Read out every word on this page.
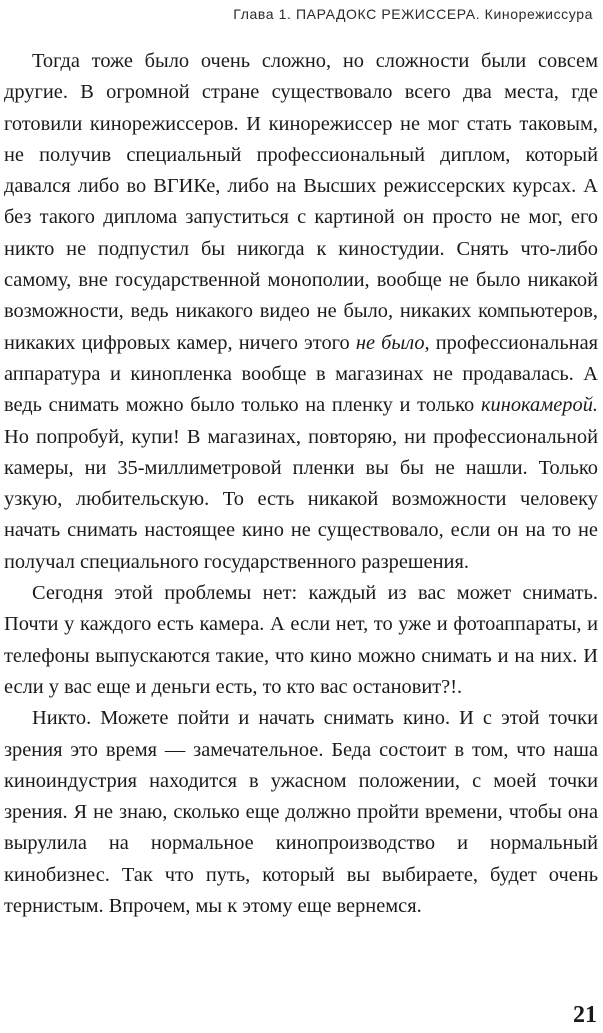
Глава 1. ПАРАДОКС РЕЖИССЕРА. Кинорежиссура

Тогда тоже было очень сложно, но сложности были совсем другие. В огромной стране существовало всего два места, где готовили кинорежиссеров. И кинорежиссер не мог стать таковым, не получив специальный профессиональный диплом, который давался либо во ВГИКе, либо на Высших режиссерских курсах. А без такого диплома запуститься с картиной он просто не мог, его никто не подпустил бы никогда к киностудии. Снять что-либо самому, вне государственной монополии, вообще не было никакой возможности, ведь никакого видео не было, никаких компьютеров, никаких цифровых камер, ничего этого не было, профессиональная аппаратура и кинопленка вообще в магазинах не продавалась. А ведь снимать можно было только на пленку и только кинокамерой. Но попробуй, купи! В магазинах, повторяю, ни профессиональной камеры, ни 35-миллиметровой пленки вы бы не нашли. Только узкую, любительскую. То есть никакой возможности человеку начать снимать настоящее кино не существовало, если он на то не получал специального государственного разрешения.

Сегодня этой проблемы нет: каждый из вас может снимать. Почти у каждого есть камера. А если нет, то уже и фотоаппараты, и телефоны выпускаются такие, что кино можно снимать и на них. И если у вас еще и деньги есть, то кто вас остановит?!.

Никто. Можете пойти и начать снимать кино. И с этой точки зрения это время — замечательное. Беда состоит в том, что наша киноиндустрия находится в ужасном положении, с моей точки зрения. Я не знаю, сколько еще должно пройти времени, чтобы она вырулила на нормальное кинопроизводство и нормальный кинобизнес. Так что путь, который вы выбираете, будет очень тернистым. Впрочем, мы к этому еще вернемся.

21
